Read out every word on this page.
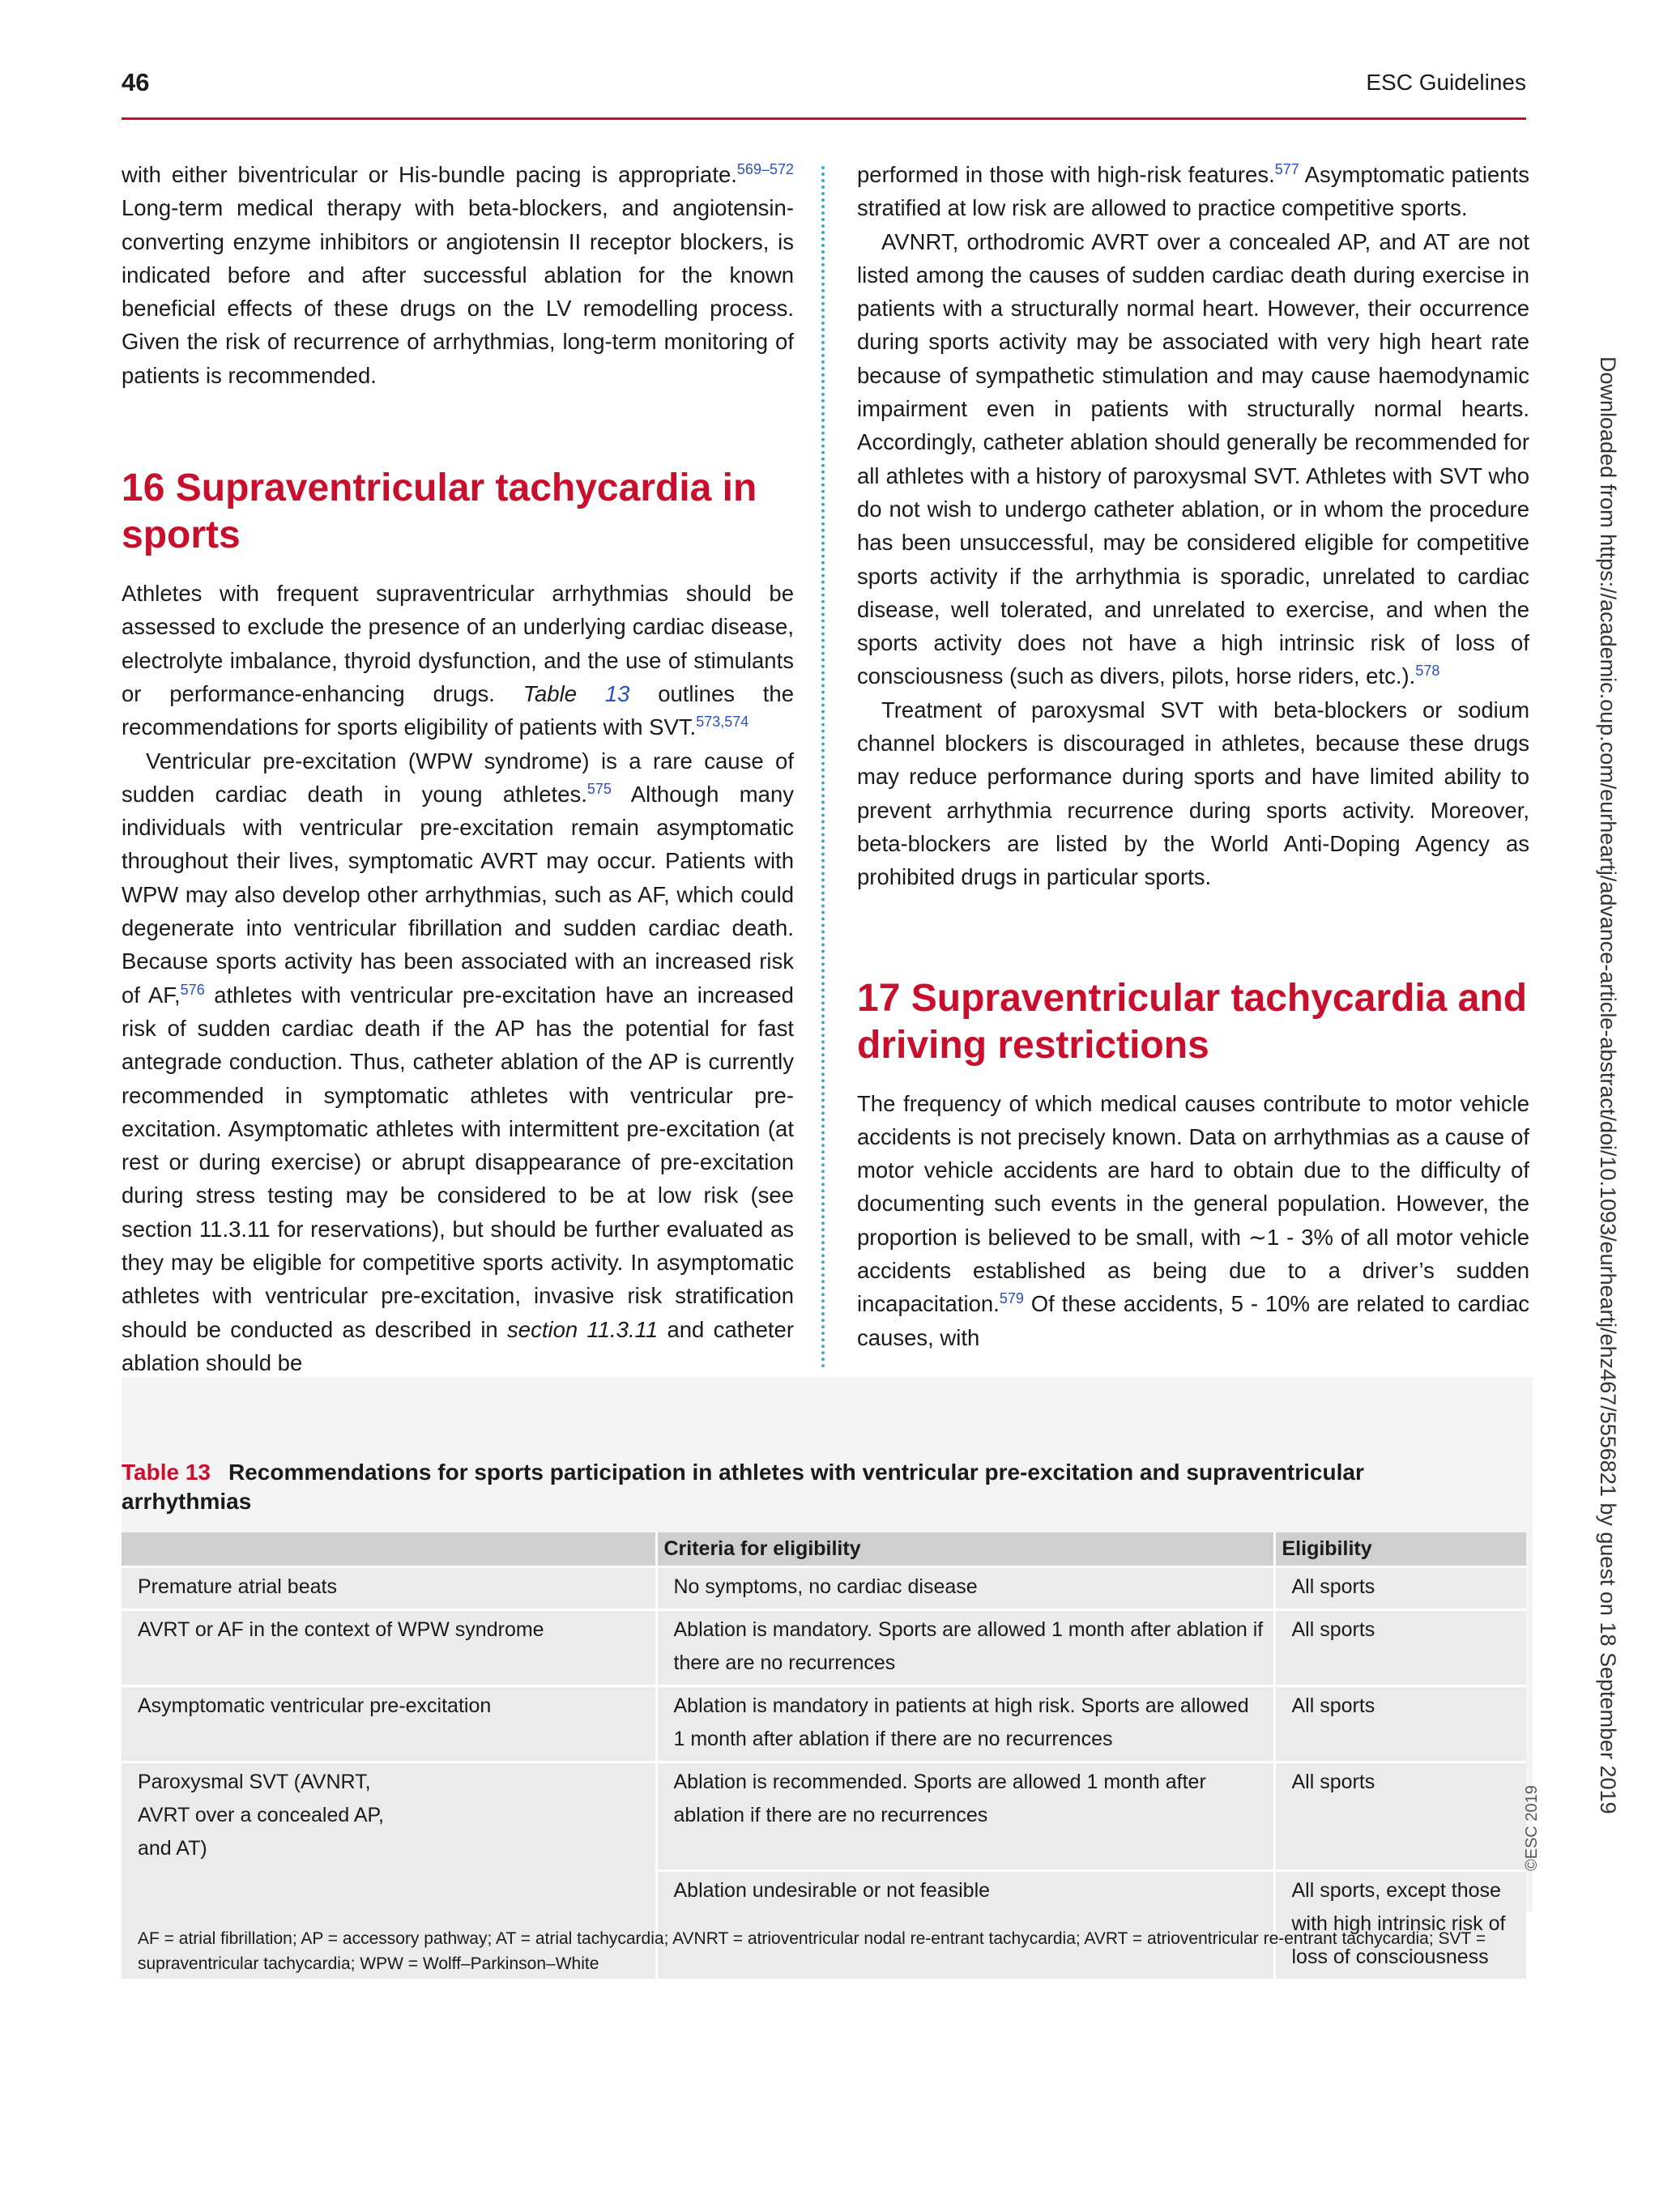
46	ESC Guidelines

with either biventricular or His-bundle pacing is appropriate.$^{569-572}$ Long-term medical therapy with beta-blockers, and angiotensin-converting enzyme inhibitors or angiotensin II receptor blockers, is indicated before and after successful ablation for the known beneficial effects of these drugs on the LV remodelling process. Given the risk of recurrence of arrhythmias, long-term monitoring of patients is recommended.

16 Supraventricular tachycardia in sports

Athletes with frequent supraventricular arrhythmias should be assessed to exclude the presence of an underlying cardiac disease, electrolyte imbalance, thyroid dysfunction, and the use of stimulants or performance-enhancing drugs. Table 13 outlines the recommendations for sports eligibility of patients with SVT.$^{573,574}$

Ventricular pre-excitation (WPW syndrome) is a rare cause of sudden cardiac death in young athletes.$^{575}$ Although many individuals with ventricular pre-excitation remain asymptomatic throughout their lives, symptomatic AVRT may occur. Patients with WPW may also develop other arrhythmias, such as AF, which could degenerate into ventricular fibrillation and sudden cardiac death. Because sports activity has been associated with an increased risk of AF,$^{576}$ athletes with ventricular pre-excitation have an increased risk of sudden cardiac death if the AP has the potential for fast antegrade conduction. Thus, catheter ablation of the AP is currently recommended in symptomatic athletes with ventricular pre-excitation. Asymptomatic athletes with intermittent pre-excitation (at rest or during exercise) or abrupt disappearance of pre-excitation during stress testing may be considered to be at low risk (see section 11.3.11 for reservations), but should be further evaluated as they may be eligible for competitive sports activity. In asymptomatic athletes with ventricular pre-excitation, invasive risk stratification should be conducted as described in section 11.3.11 and catheter ablation should be

performed in those with high-risk features.$^{577}$ Asymptomatic patients stratified at low risk are allowed to practice competitive sports.

AVNRT, orthodromic AVRT over a concealed AP, and AT are not listed among the causes of sudden cardiac death during exercise in patients with a structurally normal heart. However, their occurrence during sports activity may be associated with very high heart rate because of sympathetic stimulation and may cause haemodynamic impairment even in patients with structurally normal hearts. Accordingly, catheter ablation should generally be recommended for all athletes with a history of paroxysmal SVT. Athletes with SVT who do not wish to undergo catheter ablation, or in whom the procedure has been unsuccessful, may be considered eligible for competitive sports activity if the arrhythmia is sporadic, unrelated to cardiac disease, well tolerated, and unrelated to exercise, and when the sports activity does not have a high intrinsic risk of loss of consciousness (such as divers, pilots, horse riders, etc.).$^{578}$

Treatment of paroxysmal SVT with beta-blockers or sodium channel blockers is discouraged in athletes, because these drugs may reduce performance during sports and have limited ability to prevent arrhythmia recurrence during sports activity. Moreover, beta-blockers are listed by the World Anti-Doping Agency as prohibited drugs in particular sports.

17 Supraventricular tachycardia and driving restrictions

The frequency of which medical causes contribute to motor vehicle accidents is not precisely known. Data on arrhythmias as a cause of motor vehicle accidents are hard to obtain due to the difficulty of documenting such events in the general population. However, the proportion is believed to be small, with ∼1 - 3% of all motor vehicle accidents established as being due to a driver’s sudden incapacitation.$^{579}$ Of these accidents, 5 - 10% are related to cardiac causes, with

Table 13 Recommendations for sports participation in athletes with ventricular pre-excitation and supraventricular arrhythmias
	Criteria for eligibility	Eligibility
Premature atrial beats	No symptoms, no cardiac disease	All sports
AVRT or AF in the context of WPW syndrome	Ablation is mandatory. Sports are allowed 1 month after ablation if there are no recurrences	All sports
Asymptomatic ventricular pre-excitation	Ablation is mandatory in patients at high risk. Sports are allowed 1 month after ablation if there are no recurrences	All sports
Paroxysmal SVT (AVNRT, AVRT over a concealed AP, and AT)	Ablation is recommended. Sports are allowed 1 month after ablation if there are no recurrences	All sports
	Ablation undesirable or not feasible	All sports, except those with high intrinsic risk of loss of consciousness
©ESC 2019
AF = atrial fibrillation; AP = accessory pathway; AT = atrial tachycardia; AVNRT = atrioventricular nodal re-entrant tachycardia; AVRT = atrioventricular re-entrant tachycardia; SVT = supraventricular tachycardia; WPW = Wolff–Parkinson–White
Downloaded from https://academic.oup.com/eurheartj/advance-article-abstract/doi/10.1093/eurheartj/ehz467/5556821 by guest on 18 September 2019
